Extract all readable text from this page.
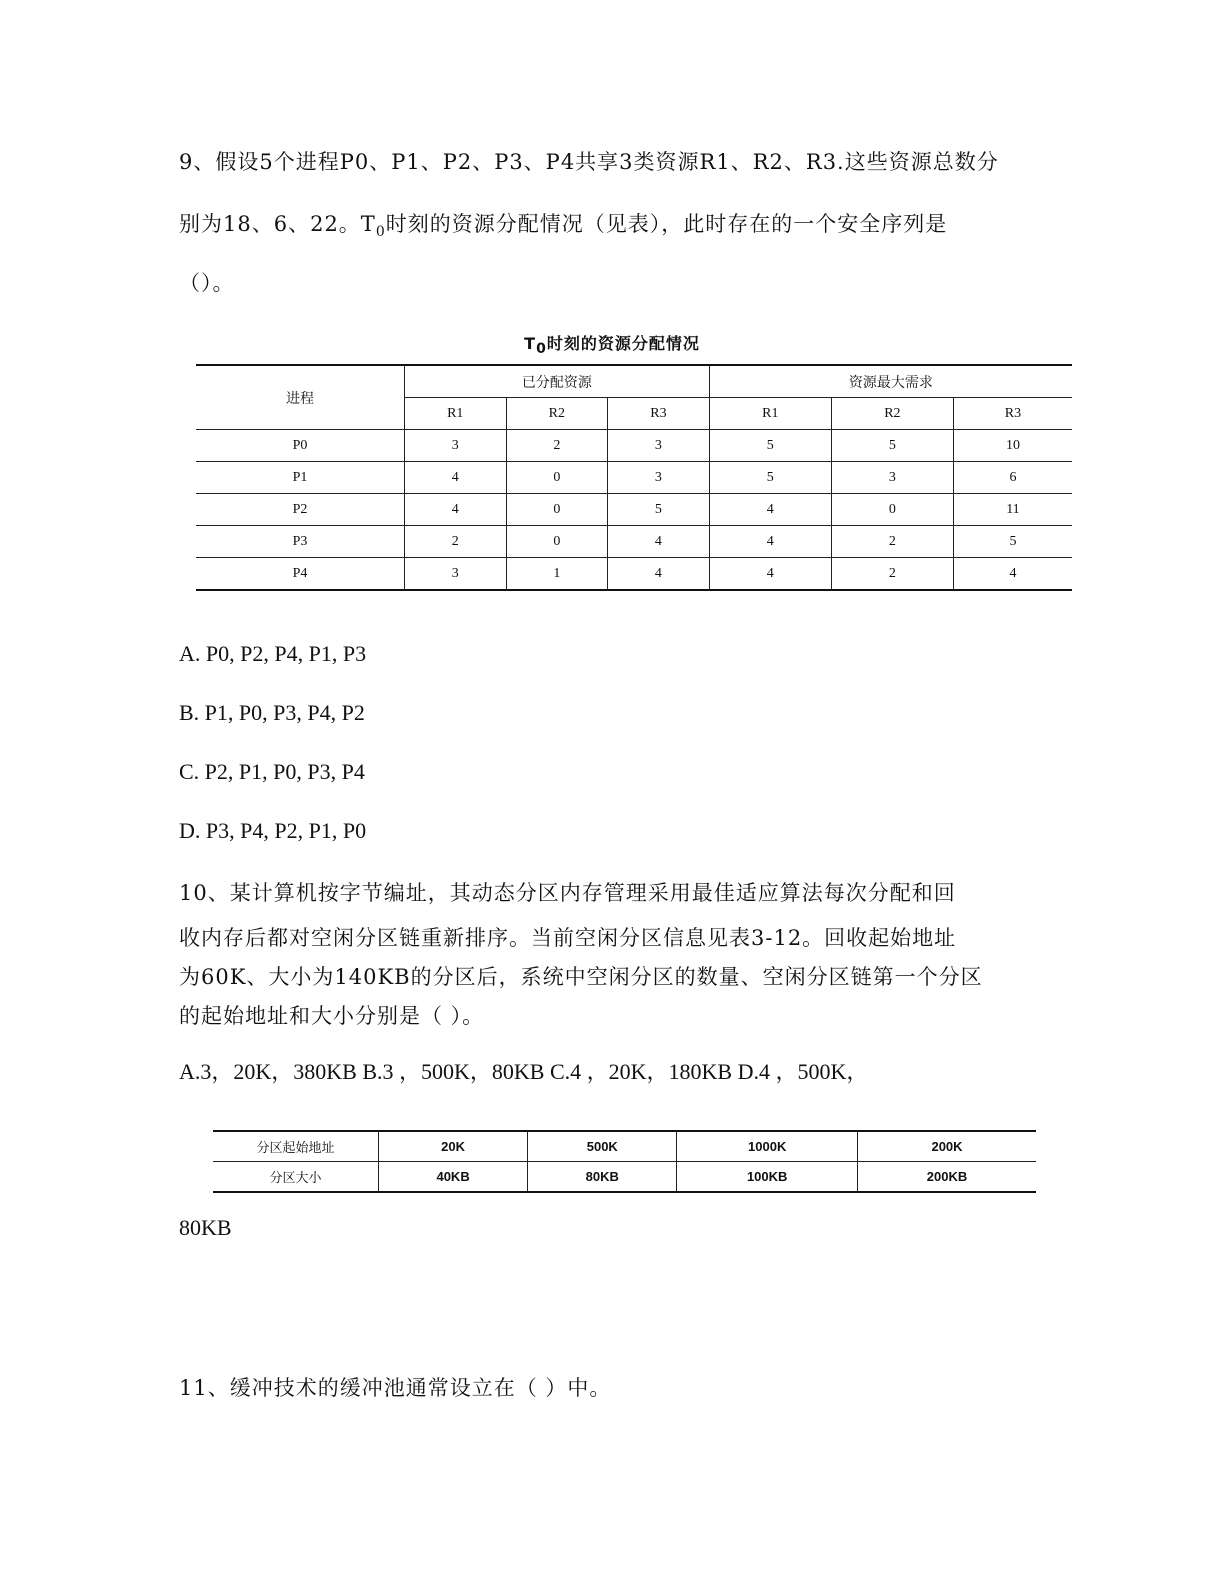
9、假设5个进程P0、P1、P2、P3、P4共享3类资源R1、R2、R3.这些资源总数分
别为18、6、22。$T_0$时刻的资源分配情况（见表），此时存在的一个安全序列是
（）。
$T_0$时刻的资源分配情况
进程	已分配资源			资源最大需求		
	R1	R2	R3	R1	R2	R3
P0	3	2	3	5	5	10
P1	4	0	3	5	3	6
P2	4	0	5	4	0	11
P3	2	0	4	4	2	5
P4	3	1	4	4	2	4
A. P0, P2, P4, P1, P3
B. P1, P0, P3, P4, P2
C. P2, P1, P0, P3, P4
D. P3, P4, P2, P1, P0
10、某计算机按字节编址，其动态分区内存管理采用最佳适应算法每次分配和回
收内存后都对空闲分区链重新排序。当前空闲分区信息见表3-12。回收起始地址
为60K、大小为140KB的分区后，系统中空闲分区的数量、空闲分区链第一个分区
的起始地址和大小分别是（ ）。
A.3，20K，380KB B.3 ，500K，80KB C.4 ，20K，180KB D.4 ，500K，
分区起始地址	20K	500K	1000K	200K
分区大小	40KB	80KB	100KB	200KB
80KB
11、缓冲技术的缓冲池通常设立在（ ）中。
